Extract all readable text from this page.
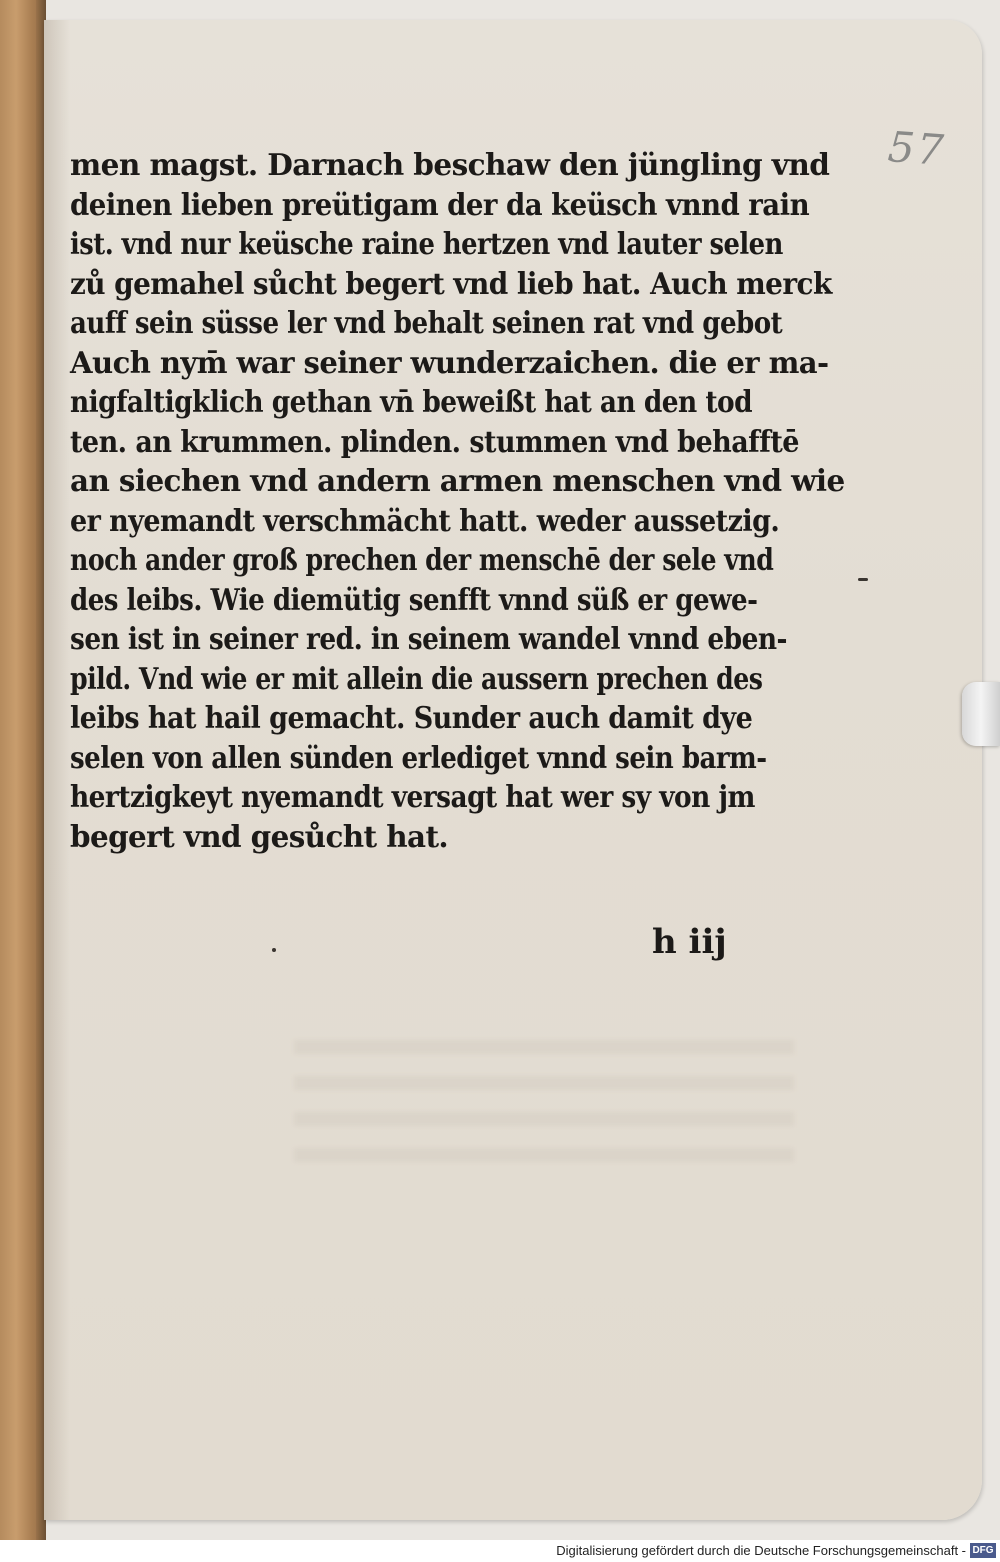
57
men magst. Darnach beschaw den jüngling vnd
deinen lieben preütigam der da keüsch vnnd rain
ist. vnd nur keüsche raine hertzen vnd lauter selen
zů gemahel sůcht begert vnd lieb hat. Auch merck
auff sein süsse ler vnd behalt seinen rat vnd gebot
Auch nym̄ war seiner wunderzaichen. die er ma-
nigfaltigklich gethan vn̄ beweißt hat an den tod
ten. an krummen. plinden. stummen vnd behafftē
an siechen vnd andern armen menschen vnd wie
er nyemandt verschmächt hatt. weder aussetzig.
noch ander groß prechen der menschē der sele vnd
des leibs. Wie diemütig senfft vnnd süß er gewe-
sen ist in seiner red. in seinem wandel vnnd eben-
pild. Vnd wie er mit allein die aussern prechen des
leibs hat hail gemacht. Sunder auch damit dye
selen von allen sünden erlediget vnnd sein barm-
hertzigkeyt nyemandt versagt hat wer sy von jm
begert vnd gesůcht hat.
h iij
Digitalisierung gefördert durch die Deutsche Forschungsgemeinschaft - DFG
